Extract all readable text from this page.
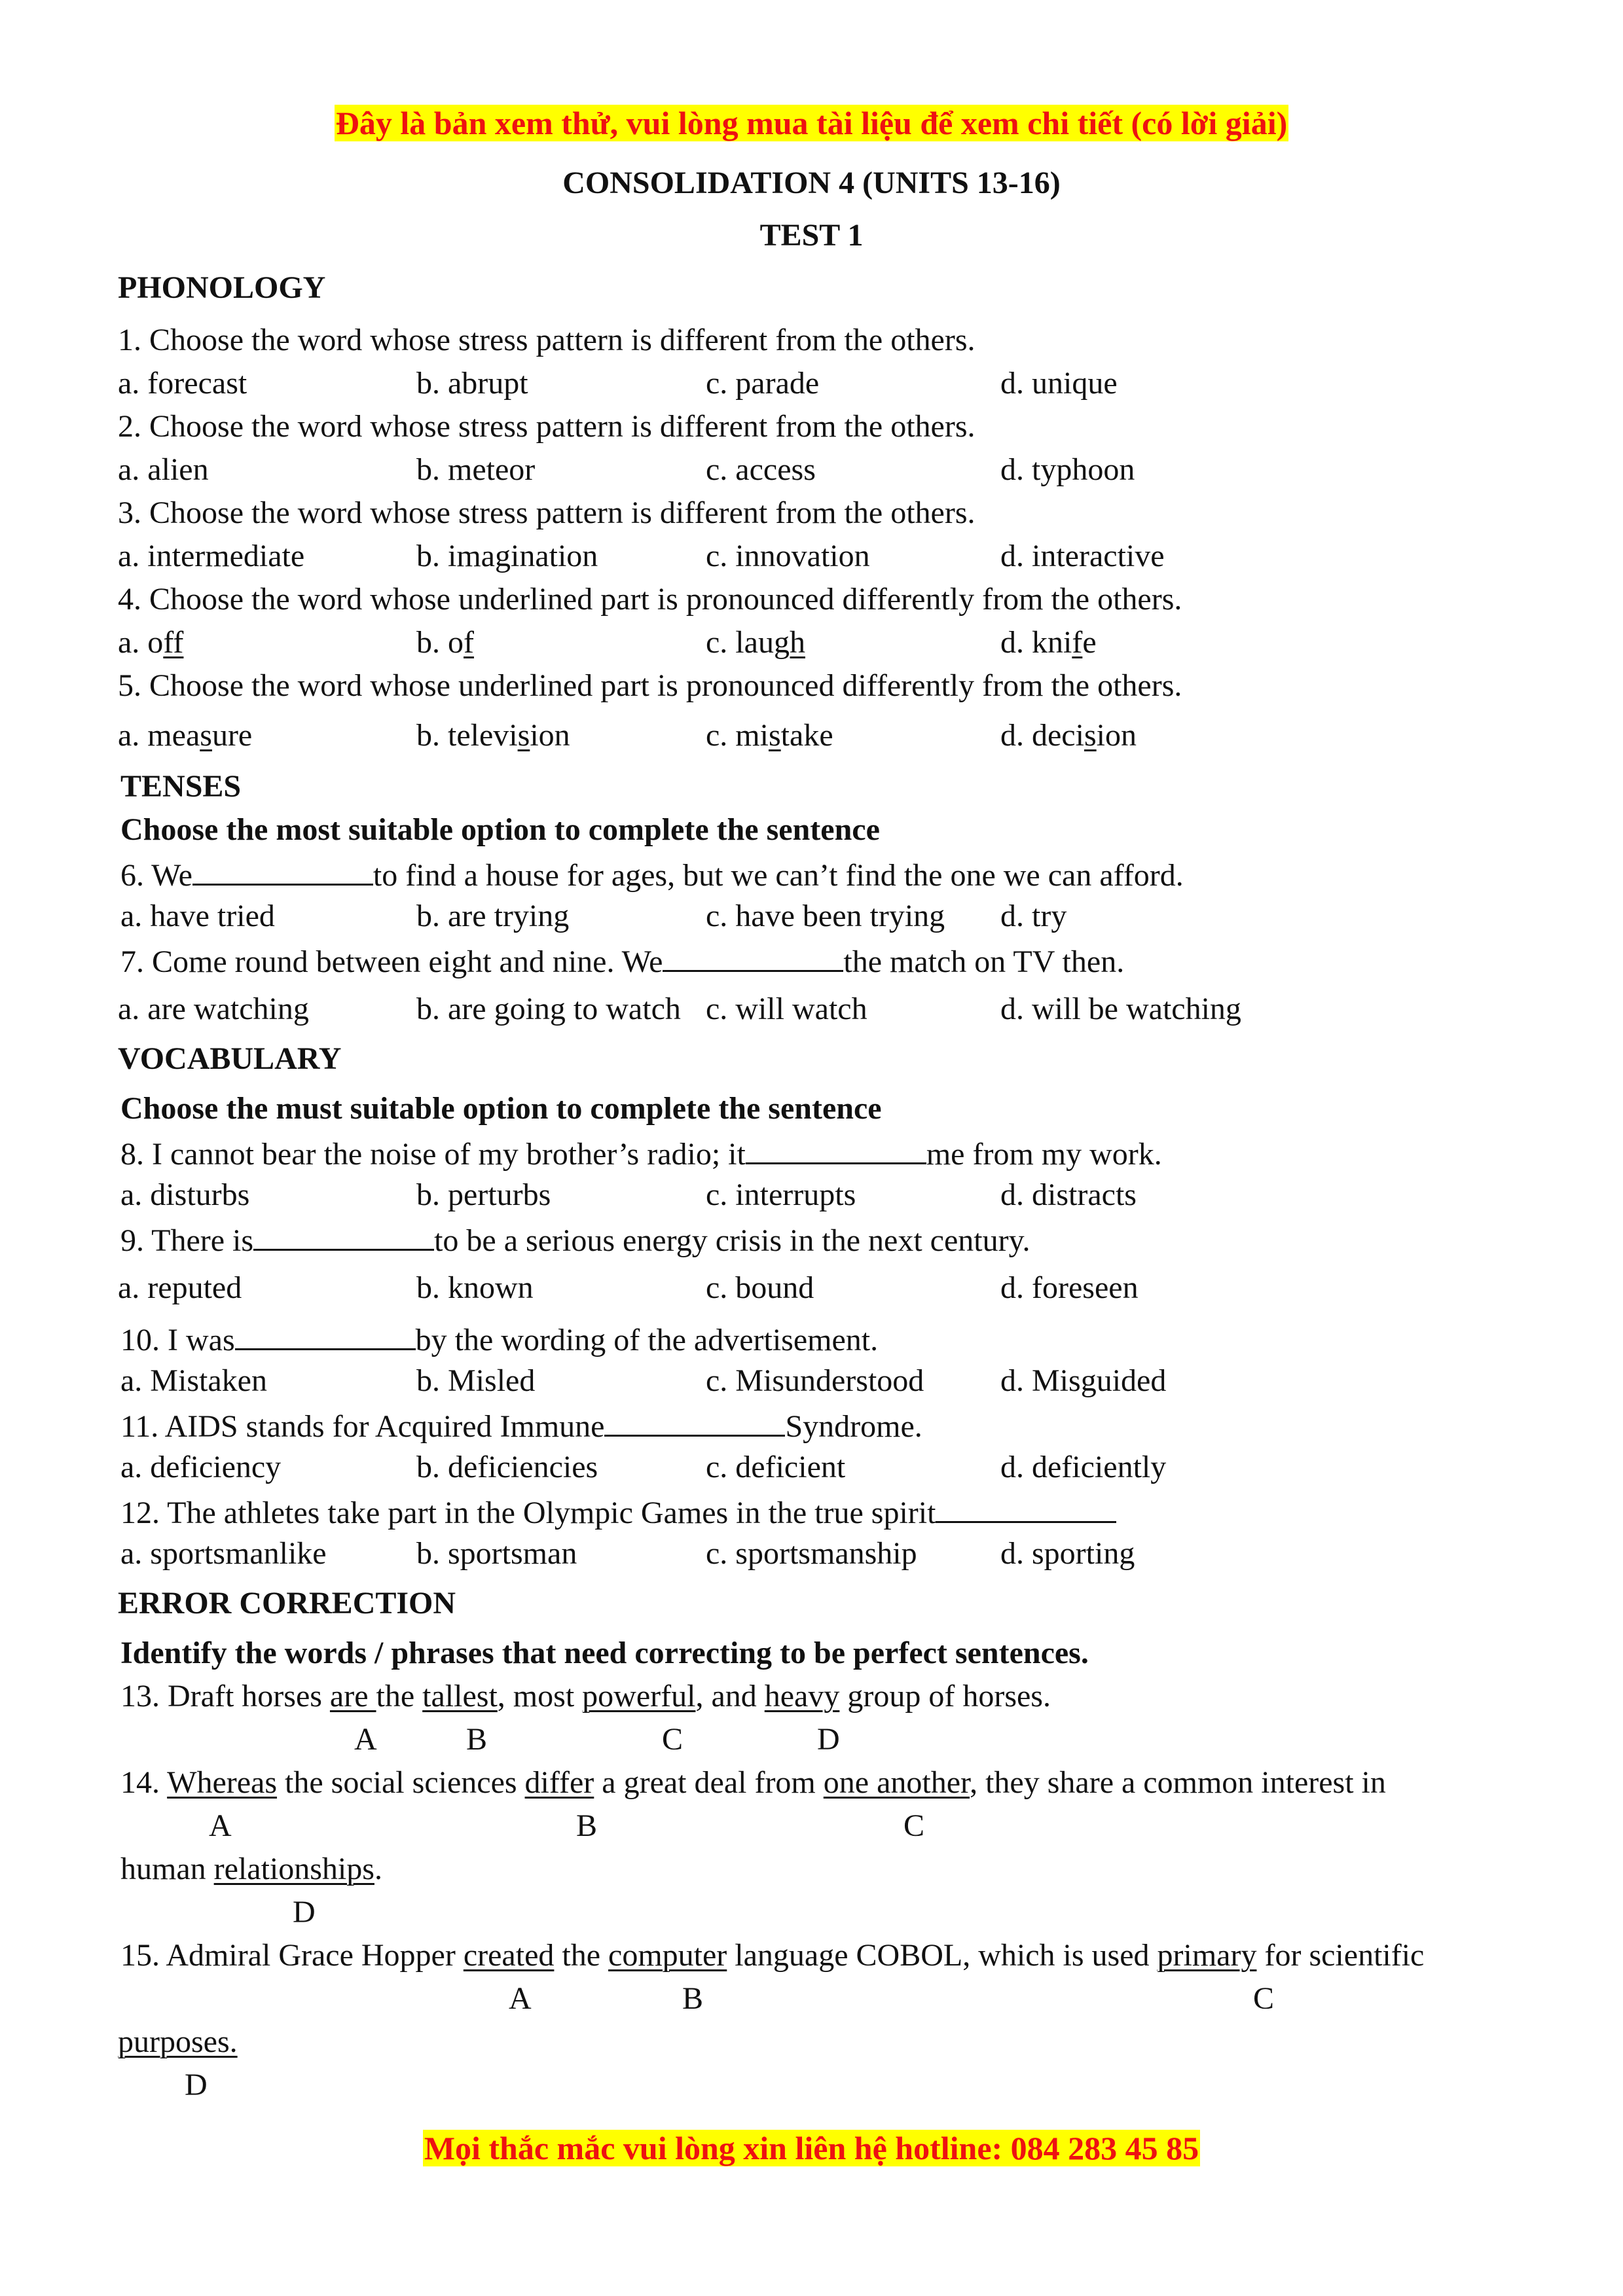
Đây là bản xem thử, vui lòng mua tài liệu để xem chi tiết (có lời giải)
CONSOLIDATION 4 (UNITS 13-16)
TEST 1
PHONOLOGY
1. Choose the word whose stress pattern is different from the others.
a. forecast	b. abrupt	c. parade	d. unique
2. Choose the word whose stress pattern is different from the others.
a. alien	b. meteor	c. access	d. typhoon
3. Choose the word whose stress pattern is different from the others.
a. intermediate	b. imagination	c. innovation	d. interactive
4. Choose the word whose underlined part is pronounced differently from the others.
a. off	b. of	c. laugh	d. knife
5. Choose the word whose underlined part is pronounced differently from the others.
a. measure	b. television	c. mistake	d. decision
TENSES
Choose the most suitable option to complete the sentence
6. We	to find a house for ages, but we can’t find the one we can afford.
a. have tried	b. are trying	c. have been trying d. try
7. Come round between eight and nine. We	the match on TV then.
a. are watching	b. are going to watch c. will watch	d. will be watching
VOCABULARY
Choose the must suitable option to complete the sentence
8. I cannot bear the noise of my brother’s radio; it	me from my work.
a. disturbs	b. perturbs	c. interrupts	d. distracts
9. There is	to be a serious energy crisis in the next century.
a. reputed	b. known	c. bound	d. foreseen
10. I was	by the wording of the advertisement.
a. Mistaken	b. Misled	c. Misunderstood d. Misguided
11. AIDS stands for Acquired Immune	Syndrome.
a. deficiency	b. deficiencies	c. deficient	d. deficiently
12. The athletes take part in the Olympic Games in the true spirit
a. sportsmanlike	b. sportsman	c. sportsmanship	d. sporting
ERROR CORRECTION
Identify the words / phrases that need correcting to be perfect sentences.
13. Draft horses are the tallest, most powerful, and heavy group of horses.
A	B	C	D
14. Whereas the social sciences differ a great deal from one another, they share a common interest in
A	B	C
human relationships.
D
15. Admiral Grace Hopper created the computer language COBOL, which is used primary for scientific
A	B	C
purposes.
D
Mọi thắc mắc vui lòng xin liên hệ hotline: 084 283 45 85
